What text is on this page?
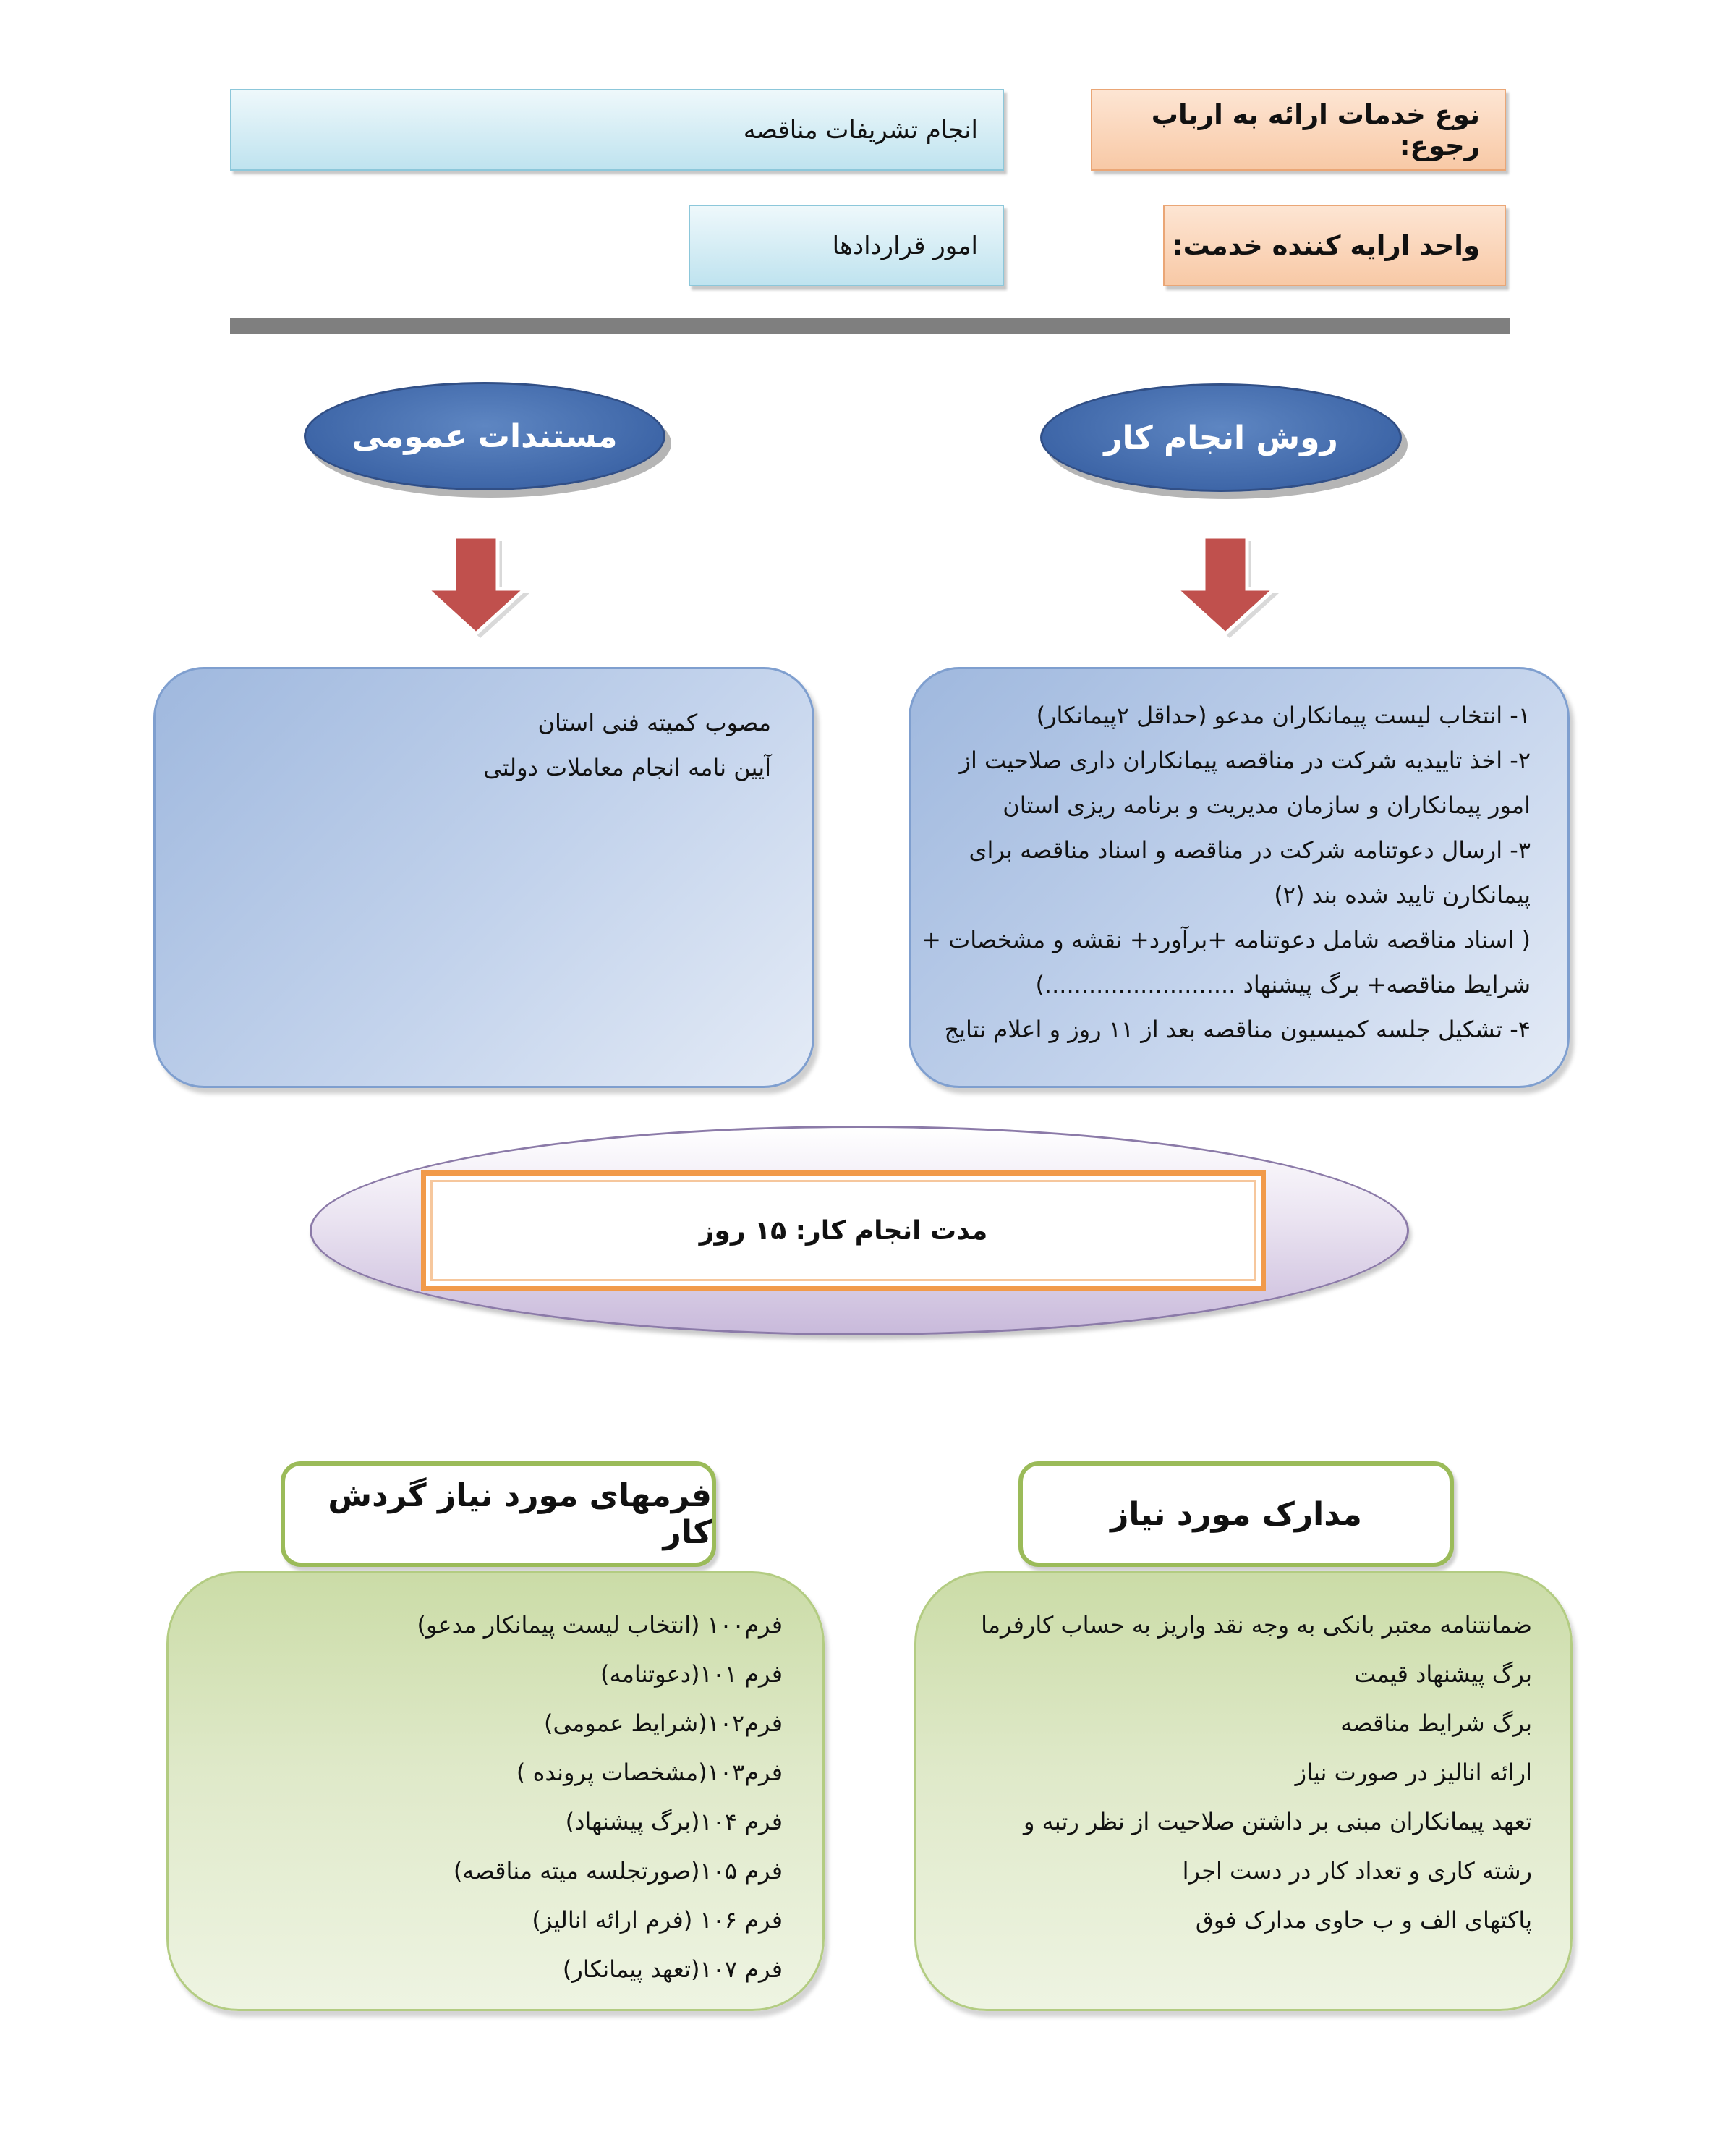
نوع خدمات ارائه به ارباب رجوع:
انجام تشریفات مناقصه
واحد ارایه کننده خدمت:
امور قراردادها
روش انجام کار
مستندات عمومی
۱- انتخاب لیست پیمانکاران مدعو (حداقل ۲پیمانکار)
۲- اخذ تاییدیه شرکت در مناقصه پیمانکاران داری صلاحیت از
امور پیمانکاران و سازمان مدیریت و برنامه ریزی استان
۳- ارسال دعوتنامه شرکت در مناقصه و اسناد مناقصه برای
پیمانکارن تایید شده بند (۲)
( اسناد مناقصه شامل دعوتنامه +برآورد+ نقشه و مشخصات +
شرایط مناقصه+ برگ پیشنهاد ..........................)
۴- تشکیل جلسه کمیسیون مناقصه بعد از ۱۱ روز و اعلام نتایج
مصوب کمیته فنی استان
آیین نامه انجام معاملات دولتی
مدت انجام کار: ۱۵ روز
مدارک مورد نیاز
فرمهای مورد نیاز گردش کار
ضمانتنامه معتبر بانکی به وجه نقد واریز به حساب کارفرما
برگ پیشنهاد قیمت
برگ شرایط مناقصه
ارائه انالیز در صورت نیاز
تعهد پیمانکاران مبنی بر داشتن صلاحیت از نظر رتبه و
رشته کاری و تعداد کار در دست اجرا
پاکتهای الف و ب حاوی مدارک فوق
فرم۱۰۰ (انتخاب لیست پیمانکار مدعو)
فرم ۱۰۱(دعوتنامه)
فرم۱۰۲(شرایط عمومی)
فرم۱۰۳(مشخصات پرونده )
فرم ۱۰۴(برگ پیشنهاد)
فرم ۱۰۵(صورتجلسه میته مناقصه)
فرم ۱۰۶ (فرم ارائه انالیز)
فرم ۱۰۷(تعهد پیمانکار)
